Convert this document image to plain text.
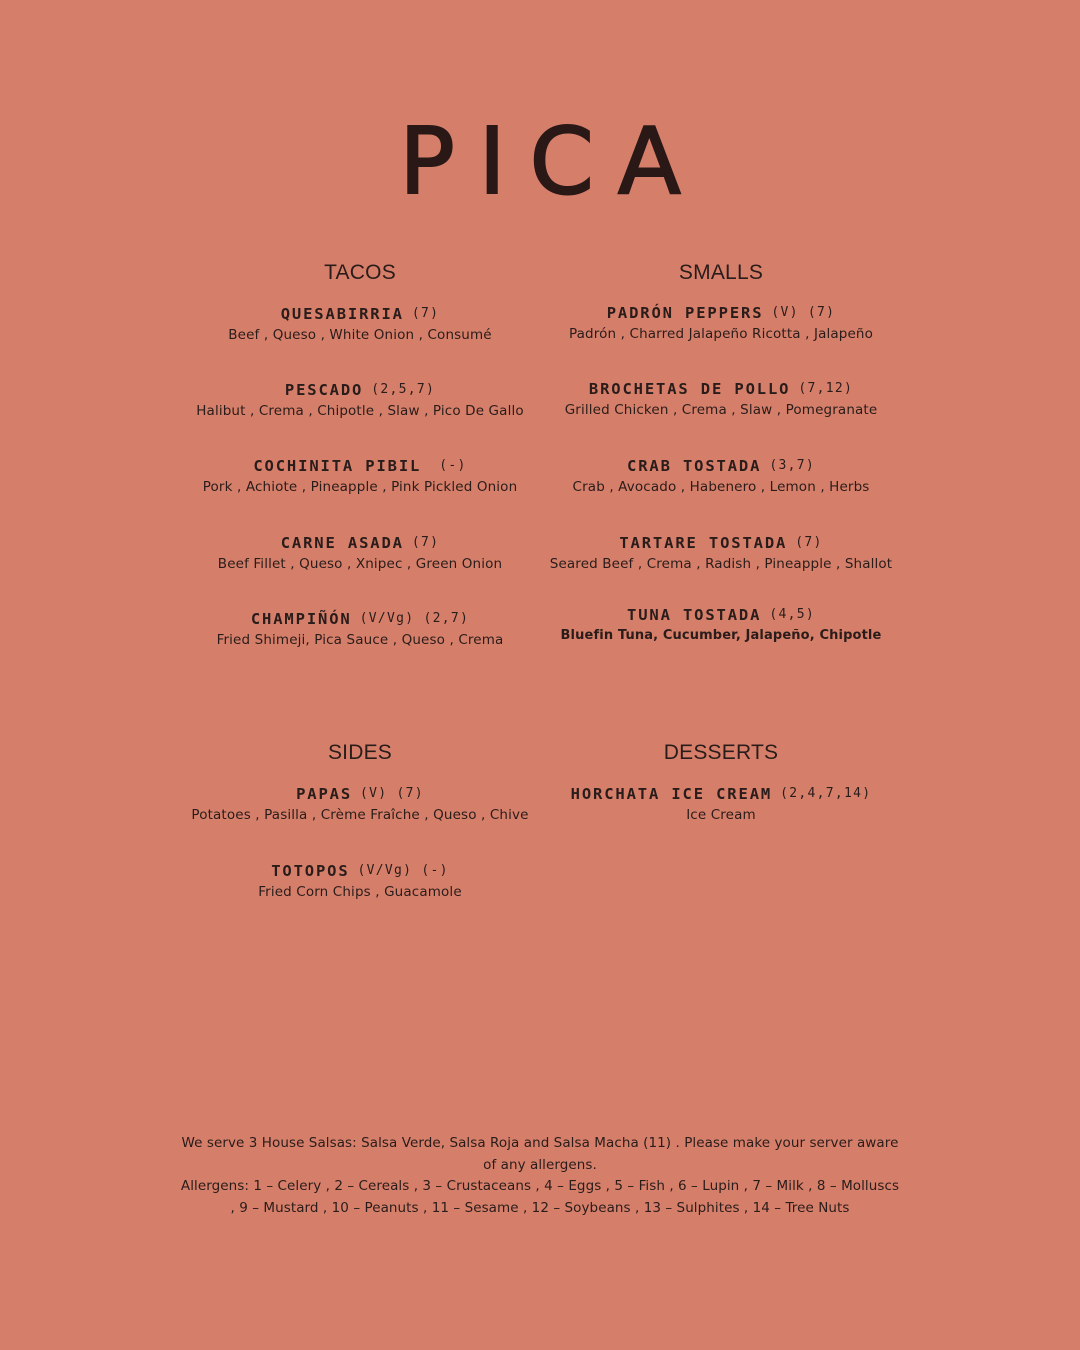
PICA
TACOS
QUESABIRRIA (7)
Beef , Queso , White Onion , Consumé
PESCADO (2,5,7)
Halibut , Crema , Chipotle , Slaw , Pico De Gallo
COCHINITA PIBIL (-)
Pork , Achiote , Pineapple , Pink Pickled Onion
CARNE ASADA (7)
Beef Fillet , Queso , Xnipec , Green Onion
CHAMPIÑÓN (V/Vg) (2,7)
Fried Shimeji, Pica Sauce , Queso , Crema
SMALLS
PADRÓN PEPPERS (V) (7)
Padrón , Charred Jalapeño Ricotta , Jalapeño
BROCHETAS DE POLLO (7,12)
Grilled Chicken , Crema , Slaw , Pomegranate
CRAB TOSTADA (3,7)
Crab , Avocado , Habenero , Lemon , Herbs
TARTARE TOSTADA (7)
Seared Beef , Crema , Radish , Pineapple , Shallot
TUNA TOSTADA (4,5)
Bluefin Tuna, Cucumber, Jalapeño, Chipotle
SIDES
PAPAS (V) (7)
Potatoes , Pasilla , Crème Fraîche , Queso , Chive
TOTOPOS (V/Vg) (-)
Fried Corn Chips , Guacamole
DESSERTS
HORCHATA ICE CREAM (2,4,7,14)
Ice Cream

We serve 3 House Salsas: Salsa Verde, Salsa Roja and Salsa Macha (11) . Please make your server aware of any allergens.

Allergens: 1 – Celery , 2 – Cereals , 3 – Crustaceans , 4 – Eggs , 5 – Fish , 6 – Lupin , 7 – Milk , 8 – Molluscs , 9 – Mustard , 10 – Peanuts , 11 – Sesame , 12 – Soybeans , 13 – Sulphites , 14 – Tree Nuts
